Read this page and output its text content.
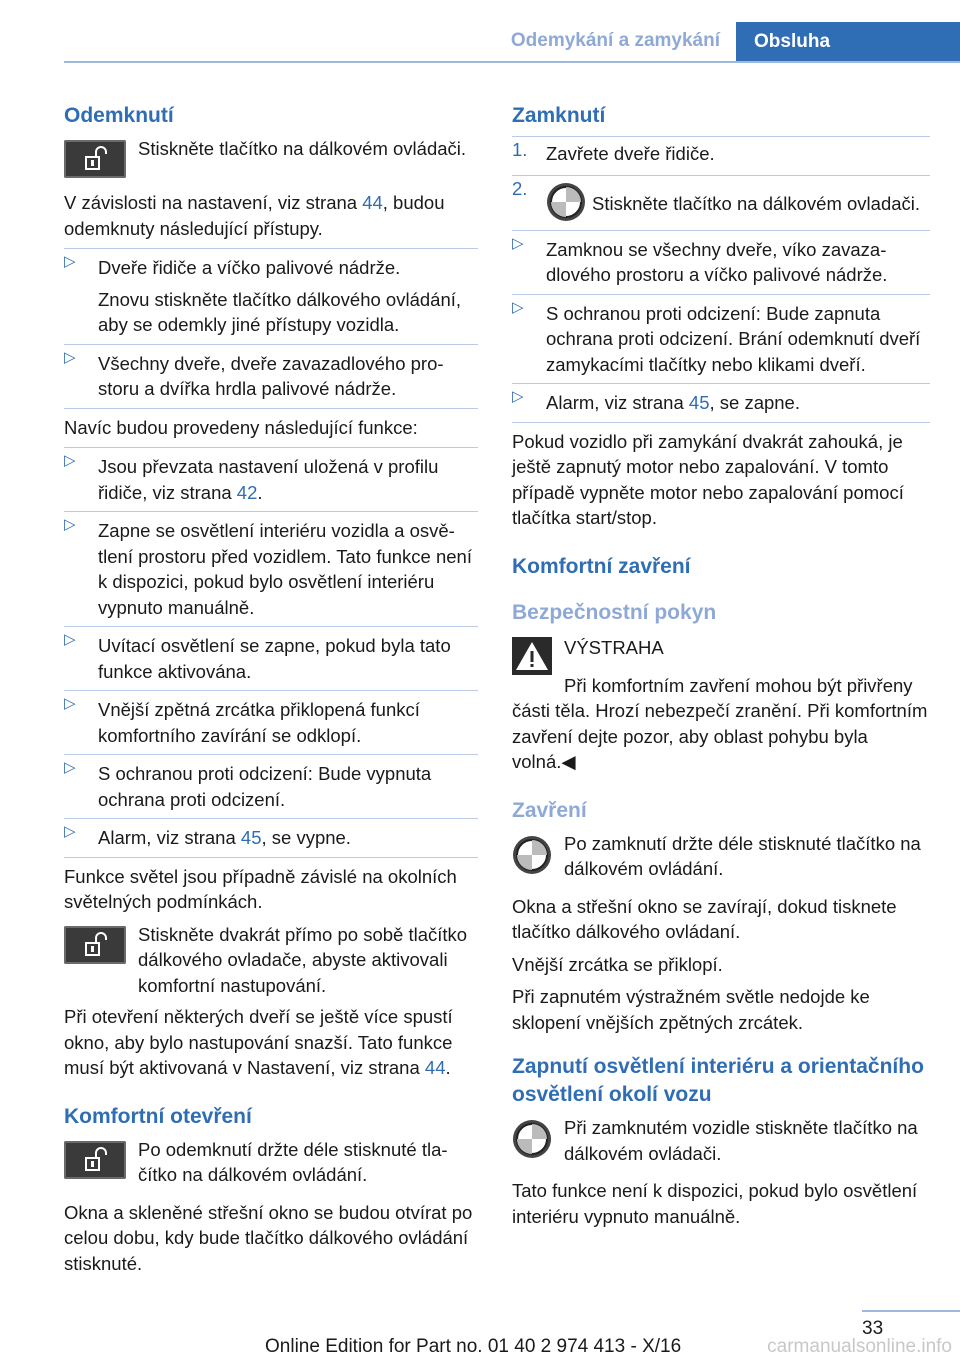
Odemykání a zamykání	Obsluha
Odemknutí
Stiskněte tlačítko na dálkovém ovládači.

V závislosti na nastavení, viz strana 44, budou odemknuty následující přístupy.

▷ Dveře řidiče a víčko palivové nádrže.
Znovu stiskněte tlačítko dálkového ovládání, aby se odemkly jiné přístupy vozidla.
▷ Všechny dveře, dveře zavazadlového prostoru a dvířka hrdla palivové nádrže.

Navíc budou provedeny následující funkce:

▷ Jsou převzata nastavení uložená v profilu řidiče, viz strana 42.
▷ Zapne se osvětlení interiéru vozidla a osvětlení prostoru před vozidlem. Tato funkce není k dispozici, pokud bylo osvětlení interiéru vypnuto manuálně.
▷ Uvítací osvětlení se zapne, pokud byla tato funkce aktivována.
▷ Vnější zpětná zrcátka přiklopená funkcí komfortního zavírání se odklopí.
▷ S ochranou proti odcizení: Bude vypnuta ochrana proti odcizení.
▷ Alarm, viz strana 45, se vypne.

Funkce světel jsou případně závislé na okolních světelných podmínkách.

Stiskněte dvakrát přímo po sobě tlačítko dálkového ovladače, abyste aktivovali komfortní nastupování.

Při otevření některých dveří se ještě více spustí okno, aby bylo nastupování snazší. Tato funkce musí být aktivovaná v Nastavení, viz strana 44.

Komfortní otevření
Po odemknutí držte déle stisknuté tlačítko na dálkovém ovládání.

Okna a skleněné střešní okno se budou otvírat po celou dobu, kdy bude tlačítko dálkového ovládání stisknuté.

Zamknutí
1. Zavřete dveře řidiče.
2.
Stiskněte tlačítko na dálkovém ovladači.
▷ Zamknou se všechny dveře, víko zavazadlového prostoru a víčko palivové nádrže.
▷ S ochranou proti odcizení: Bude zapnuta ochrana proti odcizení. Brání odemknutí dveří zamykacími tlačítky nebo klikami dveří.
▷ Alarm, viz strana 45, se zapne.

Pokud vozidlo při zamykání dvakrát zahouká, je ještě zapnutý motor nebo zapalování. V tomto případě vypněte motor nebo zapalování pomocí tlačítka start/stop.

Komfortní zavření
Bezpečnostní pokyn
VÝSTRAHA

Při komfortním zavření mohou být přivřeny části těla. Hrozí nebezpečí zranění. Při komfortním zavření dejte pozor, aby oblast pohybu byla volná.◀

Zavření
Po zamknutí držte déle stisknuté tlačítko na dálkovém ovládání.

Okna a střešní okno se zavírají, dokud tisknete tlačítko dálkového ovládaní.

Vnější zrcátka se přiklopí.

Při zapnutém výstražném světle nedojde ke sklopení vnějších zpětných zrcátek.

Zapnutí osvětlení interiéru a orientačního osvětlení okolí vozu
Při zamknutém vozidle stiskněte tlačítko na dálkovém ovládači.

Tato funkce není k dispozici, pokud bylo osvětlení interiéru vypnuto manuálně.

33
Online Edition for Part no. 01 40 2 974 413 - X/16	carmanualsonline.info
